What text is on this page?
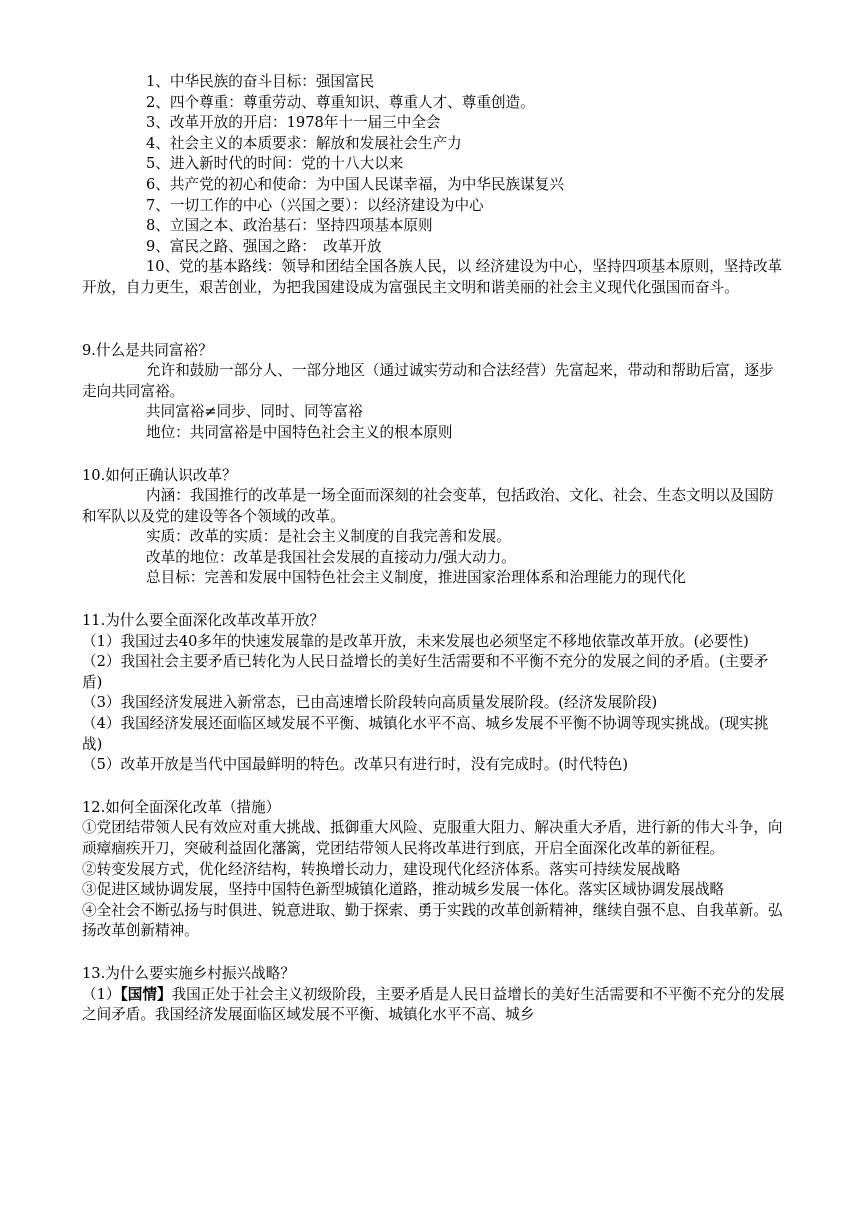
1、中华民族的奋斗目标：强国富民

2、四个尊重：尊重劳动、尊重知识、尊重人才、尊重创造。

3、改革开放的开启：1978年十一届三中全会

4、社会主义的本质要求：解放和发展社会生产力

5、进入新时代的时间：党的十八大以来

6、共产党的初心和使命：为中国人民谋幸福，为中华民族谋复兴

7、一切工作的中心（兴国之要）：以经济建设为中心

8、立国之本、政治基石：坚持四项基本原则

9、富民之路、强国之路：　改革开放

10、党的基本路线：领导和团结全国各族人民，以 经济建设为中心，坚持四项基本原则，坚持改革开放，自力更生，艰苦创业，为把我国建设成为富强民主文明和谐美丽的社会主义现代化强国而奋斗。

9.什么是共同富裕？

允许和鼓励一部分人、一部分地区（通过诚实劳动和合法经营）先富起来，带动和帮助后富，逐步走向共同富裕。

共同富裕≠同步、同时、同等富裕

地位：共同富裕是中国特色社会主义的根本原则

10.如何正确认识改革？

内涵：我国推行的改革是一场全面而深刻的社会变革，包括政治、文化、社会、生态文明以及国防和军队以及党的建设等各个领域的改革。

实质：改革的实质：是社会主义制度的自我完善和发展。

改革的地位：改革是我国社会发展的直接动力/强大动力。

总目标：完善和发展中国特色社会主义制度，推进国家治理体系和治理能力的现代化

11.为什么要全面深化改革改革开放？

（1）我国过去40多年的快速发展靠的是改革开放，未来发展也必须坚定不移地依靠改革开放。(必要性)

（2）我国社会主要矛盾已转化为人民日益增长的美好生活需要和不平衡不充分的发展之间的矛盾。(主要矛盾)

（3）我国经济发展进入新常态，已由高速增长阶段转向高质量发展阶段。(经济发展阶段)

（4）我国经济发展还面临区域发展不平衡、城镇化水平不高、城乡发展不平衡不协调等现实挑战。(现实挑战)

（5）改革开放是当代中国最鲜明的特色。改革只有进行时，没有完成时。(时代特色)

12.如何全面深化改革（措施）

①党团结带领人民有效应对重大挑战、抵御重大风险、克服重大阻力、解决重大矛盾，进行新的伟大斗争，向顽瘴痼疾开刀，突破利益固化藩篱，党团结带领人民将改革进行到底，开启全面深化改革的新征程。

②转变发展方式，优化经济结构，转换增长动力，建设现代化经济体系。落实可持续发展战略

③促进区域协调发展，坚持中国特色新型城镇化道路，推动城乡发展一体化。落实区域协调发展战略

④全社会不断弘扬与时俱进、锐意进取、勤于探索、勇于实践的改革创新精神，继续自强不息、自我革新。弘扬改革创新精神。

13.为什么要实施乡村振兴战略？

（1）【国情】我国正处于社会主义初级阶段，主要矛盾是人民日益增长的美好生活需要和不平衡不充分的发展之间矛盾。我国经济发展面临区域发展不平衡、城镇化水平不高、城乡
